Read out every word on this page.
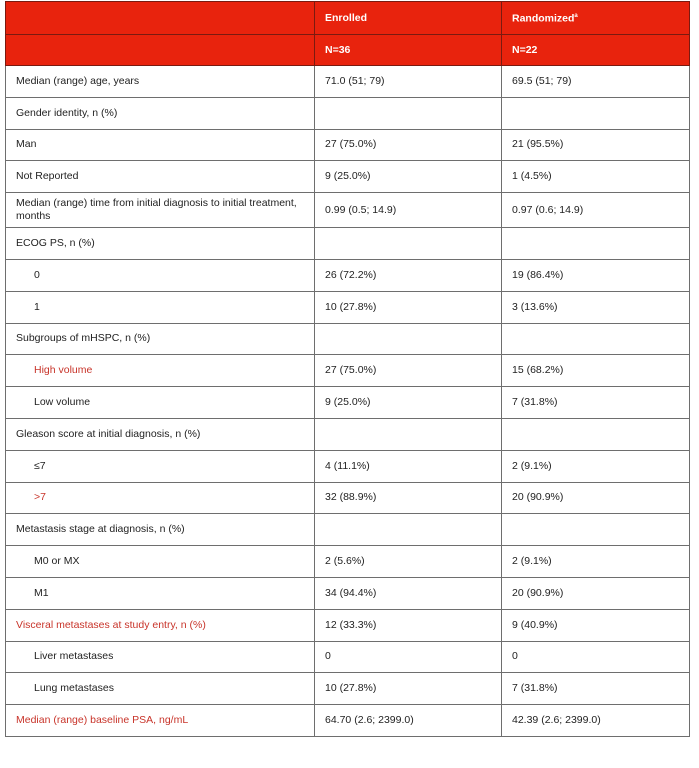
	Enrolled	Randomized$^a$
	N=36	N=22
Median (range) age, years	71.0 (51; 79)	69.5 (51; 79)
Gender identity, n (%)		
Man	27 (75.0%)	21 (95.5%)
Not Reported	9 (25.0%)	1 (4.5%)
Median (range) time from initial diagnosis to initial treatment, months	0.99 (0.5; 14.9)	0.97 (0.6; 14.9)
ECOG PS, n (%)		
0	26 (72.2%)	19 (86.4%)
1	10 (27.8%)	3 (13.6%)
Subgroups of mHSPC, n (%)		
High volume	27 (75.0%)	15 (68.2%)
Low volume	9 (25.0%)	7 (31.8%)
Gleason score at initial diagnosis, n (%)		
≤7	4 (11.1%)	2 (9.1%)
>7	32 (88.9%)	20 (90.9%)
Metastasis stage at diagnosis, n (%)		
M0 or MX	2 (5.6%)	2 (9.1%)
M1	34 (94.4%)	20 (90.9%)
Visceral metastases at study entry, n (%)	12 (33.3%)	9 (40.9%)
Liver metastases	0	0
Lung metastases	10 (27.8%)	7 (31.8%)
Median (range) baseline PSA, ng/mL	64.70 (2.6; 2399.0)	42.39 (2.6; 2399.0)
